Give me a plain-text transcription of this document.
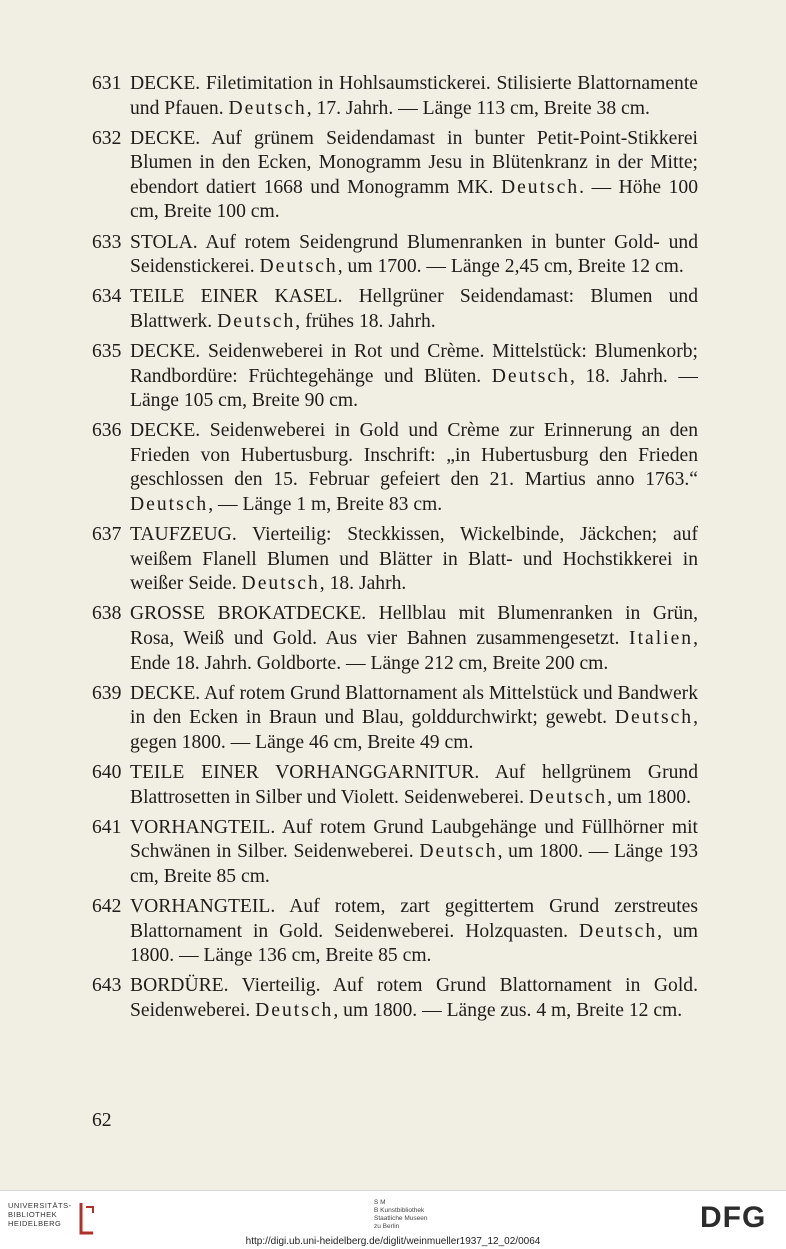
631 DECKE. Filetimitation in Hohlsaumstickerei. Stilisierte Blattornamente und Pfauen. Deutsch, 17. Jahrh. — Länge 113 cm, Breite 38 cm.
632 DECKE. Auf grünem Seidendamast in bunter Petit-Point-Stikkerei Blumen in den Ecken, Monogramm Jesu in Blütenkranz in der Mitte; ebendort datiert 1668 und Monogramm MK. Deutsch. — Höhe 100 cm, Breite 100 cm.
633 STOLA. Auf rotem Seidengrund Blumenranken in bunter Gold- und Seidenstickerei. Deutsch, um 1700. — Länge 2,45 cm, Breite 12 cm.
634 TEILE EINER KASEL. Hellgrüner Seidendamast: Blumen und Blattwerk. Deutsch, frühes 18. Jahrh.
635 DECKE. Seidenweberei in Rot und Crème. Mittelstück: Blumenkorb; Randbordüre: Früchtegehänge und Blüten. Deutsch, 18. Jahrh. — Länge 105 cm, Breite 90 cm.
636 DECKE. Seidenweberei in Gold und Crème zur Erinnerung an den Frieden von Hubertusburg. Inschrift: „in Hubertusburg den Frieden geschlossen den 15. Februar gefeiert den 21. Martius anno 1763.“ Deutsch, — Länge 1 m, Breite 83 cm.
637 TAUFZEUG. Vierteilig: Steckkissen, Wickelbinde, Jäckchen; auf weißem Flanell Blumen und Blätter in Blatt- und Hochstikkerei in weißer Seide. Deutsch, 18. Jahrh.
638 GROSSE BROKATDECKE. Hellblau mit Blumenranken in Grün, Rosa, Weiß und Gold. Aus vier Bahnen zusammengesetzt. Italien, Ende 18. Jahrh. Goldborte. — Länge 212 cm, Breite 200 cm.
639 DECKE. Auf rotem Grund Blattornament als Mittelstück und Bandwerk in den Ecken in Braun und Blau, golddurchwirkt; gewebt. Deutsch, gegen 1800. — Länge 46 cm, Breite 49 cm.
640 TEILE EINER VORHANGGARNITUR. Auf hellgrünem Grund Blattrosetten in Silber und Violett. Seidenweberei. Deutsch, um 1800.
641 VORHANGTEIL. Auf rotem Grund Laubgehänge und Füllhörner mit Schwänen in Silber. Seidenweberei. Deutsch, um 1800. — Länge 193 cm, Breite 85 cm.
642 VORHANGTEIL. Auf rotem, zart gegittertem Grund zerstreutes Blattornament in Gold. Seidenweberei. Holzquasten. Deutsch, um 1800. — Länge 136 cm, Breite 85 cm.
643 BORDÜRE. Vierteilig. Auf rotem Grund Blattornament in Gold. Seidenweberei. Deutsch, um 1800. — Länge zus. 4 m, Breite 12 cm.
62
UNIVERSITÄTS-
BIBLIOTHEK
HEIDELBERG
S M
B Kunstbibliothek
Staatliche Museen
zu Berlin	DFG
http://digi.ub.uni-heidelberg.de/diglit/weinmueller1937_12_02/0064
